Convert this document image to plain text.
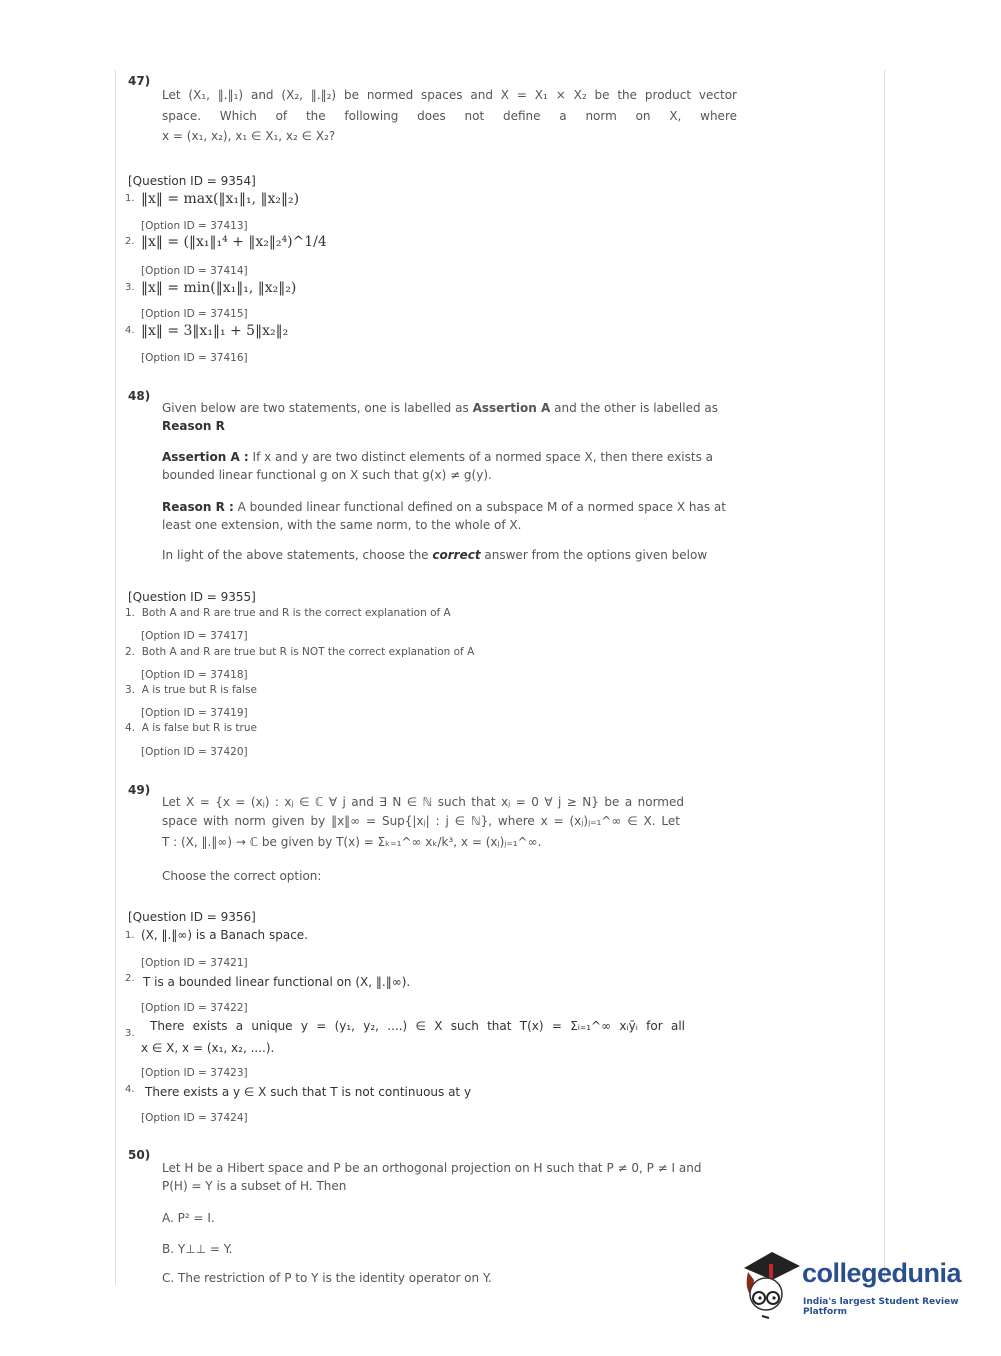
47)
Let (X₁, ‖.‖₁) and (X₂, ‖.‖₂) be normed spaces and X = X₁ × X₂ be the product vector
space. Which of the following does not define a norm on X, where
x = (x₁, x₂), x₁ ∈ X₁, x₂ ∈ X₂?
[Question ID = 9354]
1. ‖x‖ = max(‖x₁‖₁, ‖x₂‖₂)
[Option ID = 37413]
2. ‖x‖ = (‖x₁‖₁⁴ + ‖x₂‖₂⁴)^1/4
[Option ID = 37414]
3. ‖x‖ = min(‖x₁‖₁, ‖x₂‖₂)
[Option ID = 37415]
4. ‖x‖ = 3‖x₁‖₁ + 5‖x₂‖₂
[Option ID = 37416]
48)
Given below are two statements, one is labelled as Assertion A and the other is labelled as
Reason R
Assertion A : If x and y are two distinct elements of a normed space X, then there exists a
bounded linear functional g on X such that g(x) ≠ g(y).
Reason R : A bounded linear functional defined on a subspace M of a normed space X has at
least one extension, with the same norm, to the whole of X.
In light of the above statements, choose the correct answer from the options given below
[Question ID = 9355]
1. Both A and R are true and R is the correct explanation of A
[Option ID = 37417]
2. Both A and R are true but R is NOT the correct explanation of A
[Option ID = 37418]
3. A is true but R is false
[Option ID = 37419]
4. A is false but R is true
[Option ID = 37420]
49)
Let X = {x = (xⱼ) : xⱼ ∈ ℂ ∀ j and ∃ N ∈ ℕ such that xⱼ = 0 ∀ j ≥ N} be a normed
space with norm given by ‖x‖∞ = Sup{|xⱼ| : j ∈ ℕ}, where x = (xⱼ)ⱼ₌₁^∞ ∈ X. Let
T : (X, ‖.‖∞) → ℂ be given by T(x) = Σₖ₌₁^∞ xₖ/k³, x = (xⱼ)ⱼ₌₁^∞.
Choose the correct option:
[Question ID = 9356]
1. (X, ‖.‖∞) is a Banach space.
[Option ID = 37421]
2. T is a bounded linear functional on (X, ‖.‖∞).
[Option ID = 37422]
3.
There exists a unique y = (y₁, y₂, ....) ∈ X such that T(x) = Σᵢ₌₁^∞ xᵢȳᵢ for all
x ∈ X, x = (x₁, x₂, ....).
[Option ID = 37423]
4. There exists a y ∈ X such that T is not continuous at y
[Option ID = 37424]
50)
Let H be a Hibert space and P be an orthogonal projection on H such that P ≠ 0, P ≠ I and
P(H) = Y is a subset of H. Then
A. P² = I.
B. Y⊥⊥ = Y.
C. The restriction of P to Y is the identity operator on Y.	collegedunia
India's largest Student Review Platform
